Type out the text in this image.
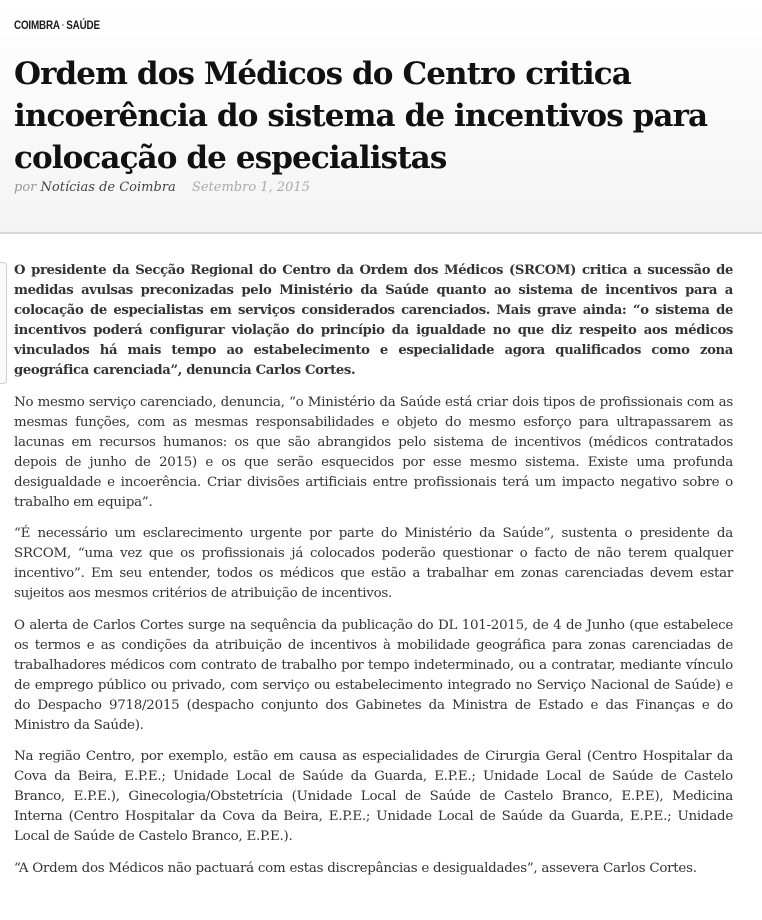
COIMBRA · SAÚDE
Ordem dos Médicos do Centro critica incoerência do sistema de incentivos para colocação de especialistas
por Notícias de Coimbra Setembro 1, 2015

O presidente da Secção Regional do Centro da Ordem dos Médicos (SRCOM) critica a sucessão de medidas avulsas preconizadas pelo Ministério da Saúde quanto ao sistema de incentivos para a colocação de especialistas em serviços considerados carenciados. Mais grave ainda: “o sistema de incentivos poderá configurar violação do princípio da igualdade no que diz respeito aos médicos vinculados há mais tempo ao estabelecimento e especialidade agora qualificados como zona geográfica carenciada”, denuncia Carlos Cortes.

No mesmo serviço carenciado, denuncia, “o Ministério da Saúde está criar dois tipos de profissionais com as mesmas funções, com as mesmas responsabilidades e objeto do mesmo esforço para ultrapassarem as lacunas em recursos humanos: os que são abrangidos pelo sistema de incentivos (médicos contratados depois de junho de 2015) e os que serão esquecidos por esse mesmo sistema. Existe uma profunda desigualdade e incoerência. Criar divisões artificiais entre profissionais terá um impacto negativo sobre o trabalho em equipa”.

“É necessário um esclarecimento urgente por parte do Ministério da Saúde”, sustenta o presidente da SRCOM, “uma vez que os profissionais já colocados poderão questionar o facto de não terem qualquer incentivo”. Em seu entender, todos os médicos que estão a trabalhar em zonas carenciadas devem estar sujeitos aos mesmos critérios de atribuição de incentivos.

O alerta de Carlos Cortes surge na sequência da publicação do DL 101-2015, de 4 de Junho (que estabelece os termos e as condições da atribuição de incentivos à mobilidade geográfica para zonas carenciadas de trabalhadores médicos com contrato de trabalho por tempo indeterminado, ou a contratar, mediante vínculo de emprego público ou privado, com serviço ou estabelecimento integrado no Serviço Nacional de Saúde) e do Despacho 9718/2015 (despacho conjunto dos Gabinetes da Ministra de Estado e das Finanças e do Ministro da Saúde).

Na região Centro, por exemplo, estão em causa as especialidades de Cirurgia Geral (Centro Hospitalar da Cova da Beira, E.P.E.; Unidade Local de Saúde da Guarda, E.P.E.; Unidade Local de Saúde de Castelo Branco, E.P.E.), Ginecologia/Obstetrícia (Unidade Local de Saúde de Castelo Branco, E.P.E), Medicina Interna (Centro Hospitalar da Cova da Beira, E.P.E.; Unidade Local de Saúde da Guarda, E.P.E.; Unidade Local de Saúde de Castelo Branco, E.P.E.).

“A Ordem dos Médicos não pactuará com estas discrepâncias e desigualdades”, assevera Carlos Cortes.
